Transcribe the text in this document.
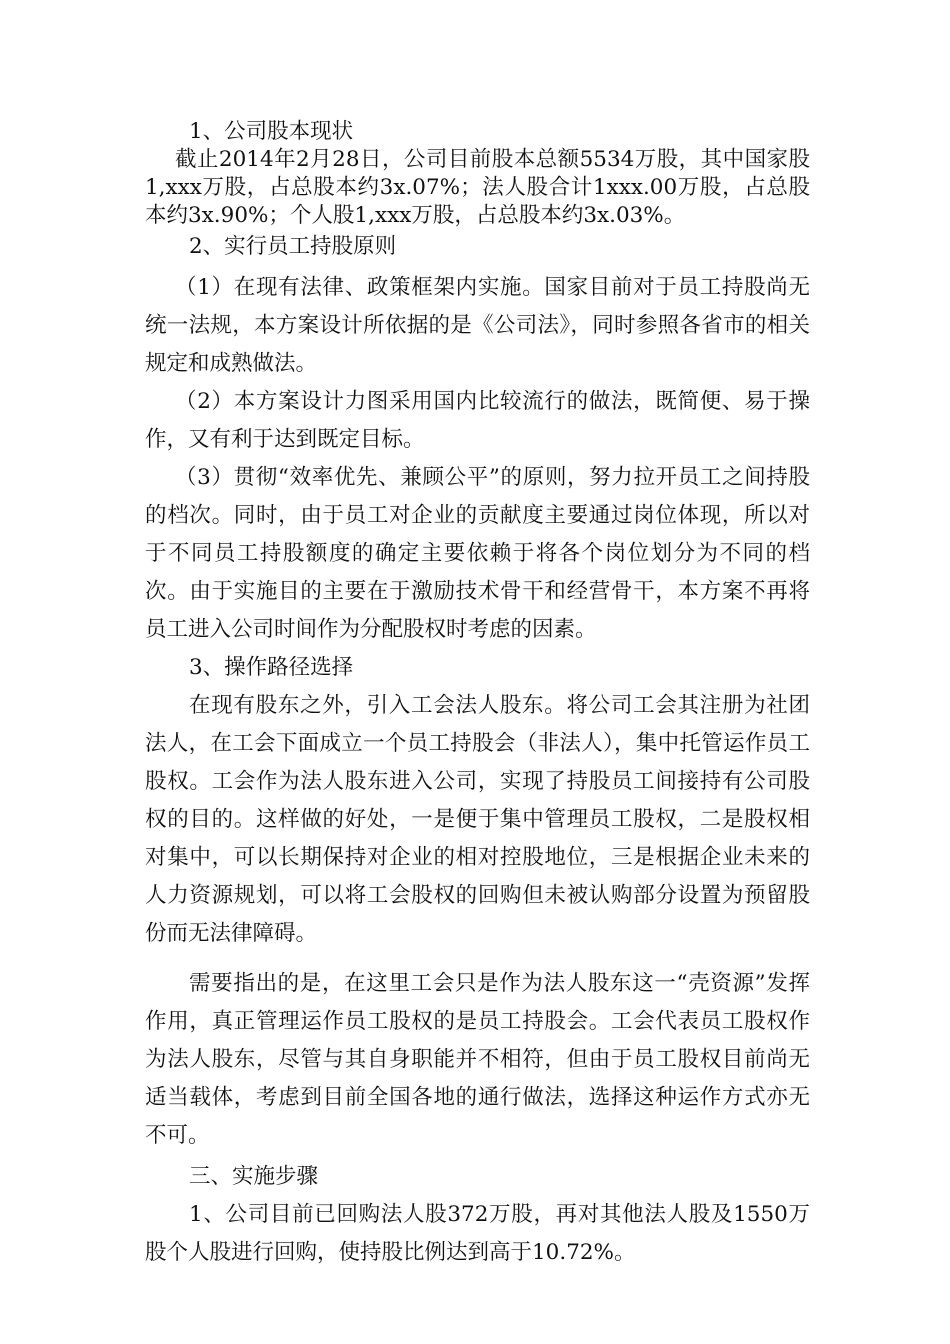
1、公司股本现状

截止2014年2月28日，公司目前股本总额5534万股，其中国家股1,xxx万股，占总股本约3x.07%；法人股合计1xxx.00万股，占总股本约3x.90%；个人股1,xxx万股，占总股本约3x.03%。

2、实行员工持股原则

（1）在现有法律、政策框架内实施。国家目前对于员工持股尚无统一法规，本方案设计所依据的是《公司法》，同时参照各省市的相关规定和成熟做法。

（2）本方案设计力图采用国内比较流行的做法，既简便、易于操作，又有利于达到既定目标。

（3）贯彻“效率优先、兼顾公平”的原则，努力拉开员工之间持股的档次。同时，由于员工对企业的贡献度主要通过岗位体现，所以对于不同员工持股额度的确定主要依赖于将各个岗位划分为不同的档次。由于实施目的主要在于激励技术骨干和经营骨干，本方案不再将员工进入公司时间作为分配股权时考虑的因素。

3、操作路径选择

在现有股东之外，引入工会法人股东。将公司工会其注册为社团法人，在工会下面成立一个员工持股会（非法人），集中托管运作员工股权。工会作为法人股东进入公司，实现了持股员工间接持有公司股权的目的。这样做的好处，一是便于集中管理员工股权，二是股权相对集中，可以长期保持对企业的相对控股地位，三是根据企业未来的人力资源规划，可以将工会股权的回购但未被认购部分设置为预留股份而无法律障碍。

需要指出的是，在这里工会只是作为法人股东这一“壳资源”发挥作用，真正管理运作员工股权的是员工持股会。工会代表员工股权作为法人股东，尽管与其自身职能并不相符，但由于员工股权目前尚无适当载体，考虑到目前全国各地的通行做法，选择这种运作方式亦无不可。

三、实施步骤

1、公司目前已回购法人股372万股，再对其他法人股及1550万股个人股进行回购，使持股比例达到高于10.72%。
